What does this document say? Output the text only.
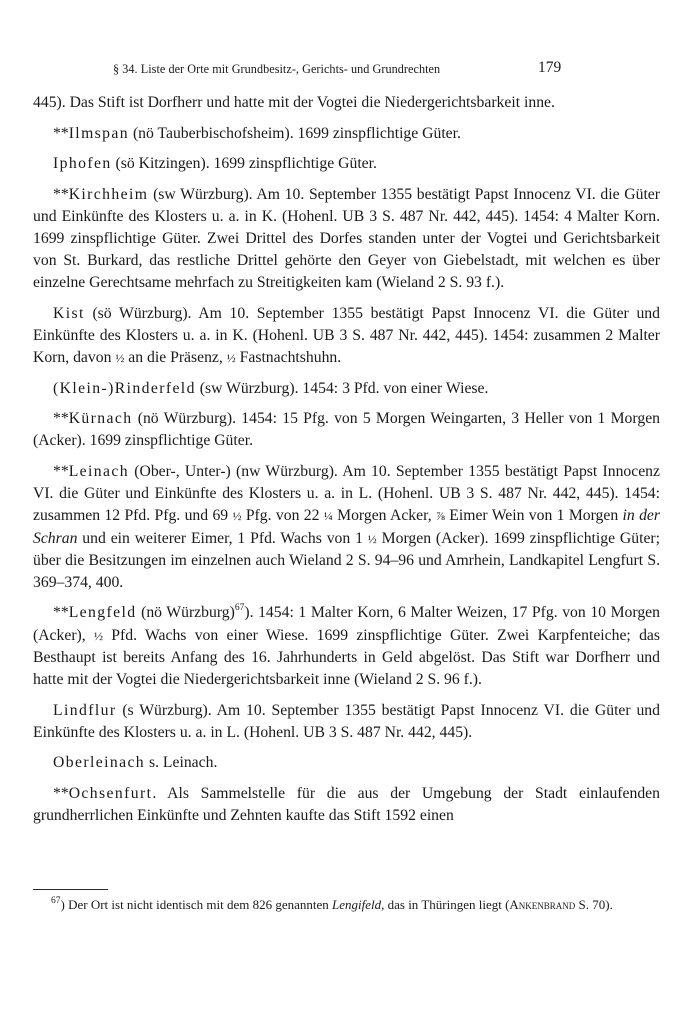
§ 34. Liste der Orte mit Grundbesitz-, Gerichts- und Grundrechten	179

445). Das Stift ist Dorfherr und hatte mit der Vogtei die Niedergerichtsbarkeit inne.

**Ilmspan (nö Tauberbischofsheim). 1699 zinspflichtige Güter.

Iphofen (sö Kitzingen). 1699 zinspflichtige Güter.

**Kirchheim (sw Würzburg). Am 10. September 1355 bestätigt Papst Innocenz VI. die Güter und Einkünfte des Klosters u. a. in K. (Hohenl. UB 3 S. 487 Nr. 442, 445). 1454: 4 Malter Korn. 1699 zinspflichtige Güter. Zwei Drittel des Dorfes standen unter der Vogtei und Gerichtsbarkeit von St. Burkard, das restliche Drittel gehörte den Geyer von Giebelstadt, mit welchen es über einzelne Gerechtsame mehrfach zu Streitigkeiten kam (Wieland 2 S. 93 f.).

Kist (sö Würzburg). Am 10. September 1355 bestätigt Papst Innocenz VI. die Güter und Einkünfte des Klosters u. a. in K. (Hohenl. UB 3 S. 487 Nr. 442, 445). 1454: zusammen 2 Malter Korn, davon ½ an die Präsenz, ½ Fastnachtshuhn.

(Klein-)Rinderfeld (sw Würzburg). 1454: 3 Pfd. von einer Wiese.

**Kürnach (nö Würzburg). 1454: 15 Pfg. von 5 Morgen Weingarten, 3 Heller von 1 Morgen (Acker). 1699 zinspflichtige Güter.

**Leinach (Ober-, Unter-) (nw Würzburg). Am 10. September 1355 bestätigt Papst Innocenz VI. die Güter und Einkünfte des Klosters u. a. in L. (Hohenl. UB 3 S. 487 Nr. 442, 445). 1454: zusammen 12 Pfd. Pfg. und 69 ½ Pfg. von 22 ¼ Morgen Acker, ⅞ Eimer Wein von 1 Morgen in der Schran und ein weiterer Eimer, 1 Pfd. Wachs von 1 ½ Morgen (Acker). 1699 zinspflichtige Güter; über die Besitzungen im einzelnen auch Wieland 2 S. 94–96 und Amrhein, Landkapitel Lengfurt S. 369–374, 400.

**Lengfeld (nö Würzburg)$^{67}$). 1454: 1 Malter Korn, 6 Malter Weizen, 17 Pfg. von 10 Morgen (Acker), ½ Pfd. Wachs von einer Wiese. 1699 zinspflichtige Güter. Zwei Karpfenteiche; das Besthaupt ist bereits Anfang des 16. Jahrhunderts in Geld abgelöst. Das Stift war Dorfherr und hatte mit der Vogtei die Niedergerichtsbarkeit inne (Wieland 2 S. 96 f.).

Lindflur (s Würzburg). Am 10. September 1355 bestätigt Papst Innocenz VI. die Güter und Einkünfte des Klosters u. a. in L. (Hohenl. UB 3 S. 487 Nr. 442, 445).

Oberleinach s. Leinach.

**Ochsenfurt. Als Sammelstelle für die aus der Umgebung der Stadt einlaufenden grundherrlichen Einkünfte und Zehnten kaufte das Stift 1592 einen

$^{67}$) Der Ort ist nicht identisch mit dem 826 genannten Lengifeld, das in Thüringen liegt (Ankenbrand S. 70).
